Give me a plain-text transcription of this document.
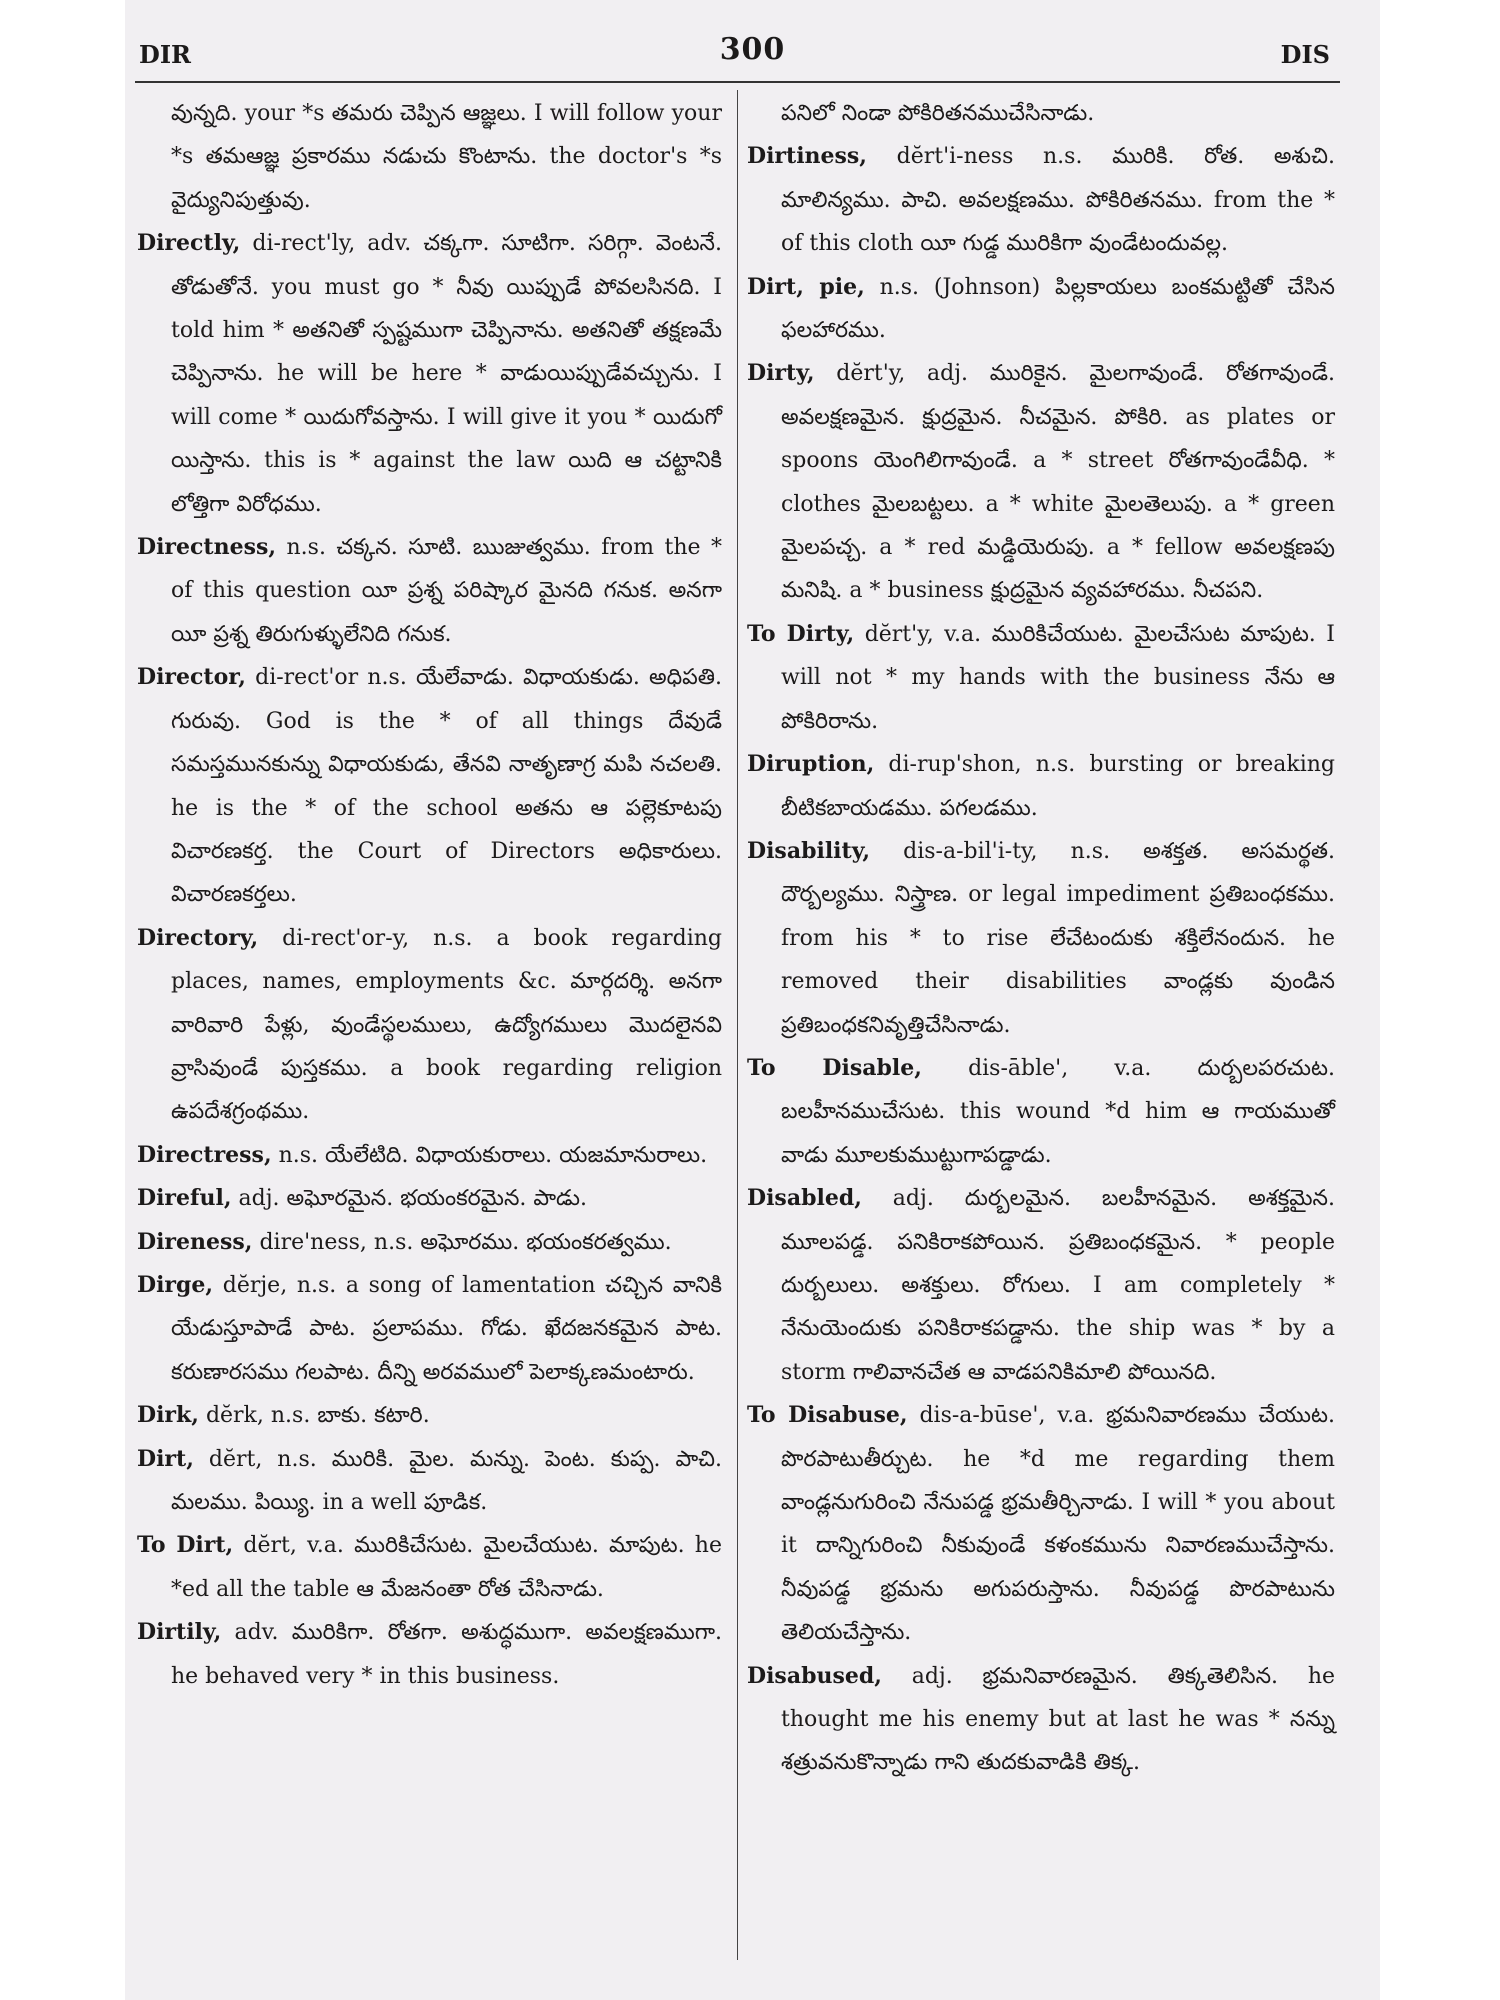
DIR	300	DIS

వున్నది. your *s తమరు చెప్పిన ఆజ్ఞలు. I will follow your *s తమఆజ్ఞ ప్రకారము నడుచు కొంటాను. the doctor's *s వైద్యునిపుత్తువు.

Directly, di-rect'ly, adv. చక్కగా. సూటిగా. సరిగ్గా. వెంటనే. తోడుతోనే. you must go * నీవు యిప్పుడే పోవలసినది. I told him * అతనితో స్పష్టముగా చెప్పినాను. అతనితో తక్షణమే చెప్పినాను. he will be here * వాడుయిప్పుడేవచ్చును. I will come * యిదుగోవస్తాను. I will give it you * యిదుగో యిస్తాను. this is * against the law యిది ఆ చట్టానికి లోత్తిగా విరోధము.

Directness, n.s. చక్కన. సూటి. ఋజుత్వము. from the * of this question యీ ప్రశ్న పరిష్కార మైనది గనుక. అనగా యీ ప్రశ్న తిరుగుళ్ళులేనిది గనుక.

Director, di-rect'or n.s. యేలేవాడు. విధాయకుడు. అధిపతి. గురువు. God is the * of all things దేవుడే సమస్తమునకున్ను విధాయకుడు, తేనవి నాతృణాగ్ర మపి నచలతి. he is the * of the school అతను ఆ పల్లెకూటపు విచారణకర్త. the Court of Directors అధికారులు. విచారణకర్తలు.

Directory, di-rect'or-y, n.s. a book regarding places, names, employments &c. మార్గదర్శి. అనగా వారివారి పేళ్లు, వుండేస్థలములు, ఉద్యోగములు మొదలైనవి వ్రాసివుండే పుస్తకము. a book regarding religion ఉపదేశగ్రంథము.

Directress, n.s. యేలేటిది. విధాయకురాలు. యజమానురాలు.

Direful, adj. అఘోరమైన. భయంకరమైన. పాడు.

Direness, dire'ness, n.s. అఘోరము. భయంకరత్వము.

Dirge, dĕrje, n.s. a song of lamentation చచ్చిన వానికి యేడుస్తూపాడే పాట. ప్రలాపము. గోడు. ఖేదజనకమైన పాట. కరుణారసము గలపాట. దీన్ని అరవములో పెలాక్కణమంటారు.

Dirk, dĕrk, n.s. బాకు. కటారి.

Dirt, dĕrt, n.s. మురికి. మైల. మన్ను. పెంట. కుప్ప. పాచి. మలము. పియ్యి. in a well పూడిక.

To Dirt, dĕrt, v.a. మురికిచేసుట. మైలచేయుట. మాపుట. he *ed all the table ఆ మేజనంతా రోత చేసినాడు.

Dirtily, adv. మురికిగా. రోతగా. అశుద్ధముగా. అవలక్షణముగా. he behaved very * in this business.

పనిలో నిండా పోకిరితనముచేసినాడు.

Dirtiness, dĕrt'i-ness n.s. మురికి. రోత. అశుచి. మాలిన్యము. పాచి. అవలక్షణము. పోకిరితనము. from the * of this cloth యీ గుడ్డ మురికిగా వుండేటందువల్ల.

Dirt, pie, n.s. (Johnson) పిల్లకాయలు బంకమట్టితో చేసిన ఫలహారము.

Dirty, dĕrt'y, adj. మురికైన. మైలగావుండే. రోతగావుండే. అవలక్షణమైన. క్షుద్రమైన. నీచమైన. పోకిరి. as plates or spoons యెంగిలిగావుండే. a * street రోతగావుండేవీధి. * clothes మైలబట్టలు. a * white మైలతెలుపు. a * green మైలపచ్చ. a * red మడ్డియెరుపు. a * fellow అవలక్షణపు మనిషి. a * business క్షుద్రమైన వ్యవహారము. నీచపని.

To Dirty, dĕrt'y, v.a. మురికిచేయుట. మైలచేసుట మాపుట. I will not * my hands with the business నేను ఆ పోకిరిరాను.

Diruption, di-rup'shon, n.s. bursting or breaking బీటికబాయడము. పగలడము.

Disability, dis-a-bil'i-ty, n.s. అశక్తత. అసమర్థత. దౌర్బల్యము. నిస్త్రాణ. or legal impediment ప్రతిబంధకము. from his * to rise లేచేటందుకు శక్తిలేనందున. he removed their disabilities వాండ్లకు వుండిన ప్రతిబంధకనివృత్తిచేసినాడు.

To Disable, dis-āble', v.a. దుర్బలపరచుట. బలహీనముచేసుట. this wound *d him ఆ గాయముతో వాడు మూలకుముట్టుగాపడ్డాడు.

Disabled, adj. దుర్బలమైన. బలహీనమైన. అశక్తమైన. మూలపడ్డ. పనికిరాకపోయిన. ప్రతిబంధకమైన. * people దుర్బలులు. అశక్తులు. రోగులు. I am completely * నేనుయెందుకు పనికిరాకపడ్డాను. the ship was * by a storm గాలివానచేత ఆ వాడపనికిమాలి పోయినది.

To Disabuse, dis-a-būse', v.a. భ్రమనివారణము చేయుట. పొరపాటుతీర్చుట. he *d me regarding them వాండ్లనుగురించి నేనుపడ్డ భ్రమతీర్చినాడు. I will * you about it దాన్నిగురించి నీకువుండే కళంకమును నివారణముచేస్తాను. నీవుపడ్డ భ్రమను అగుపరుస్తాను. నీవుపడ్డ పొరపాటును తెలియచేస్తాను.

Disabused, adj. భ్రమనివారణమైన. తిక్కతెలిసిన. he thought me his enemy but at last he was * నన్ను శత్రువనుకొన్నాడు గాని తుదకువాడికి తిక్క.
